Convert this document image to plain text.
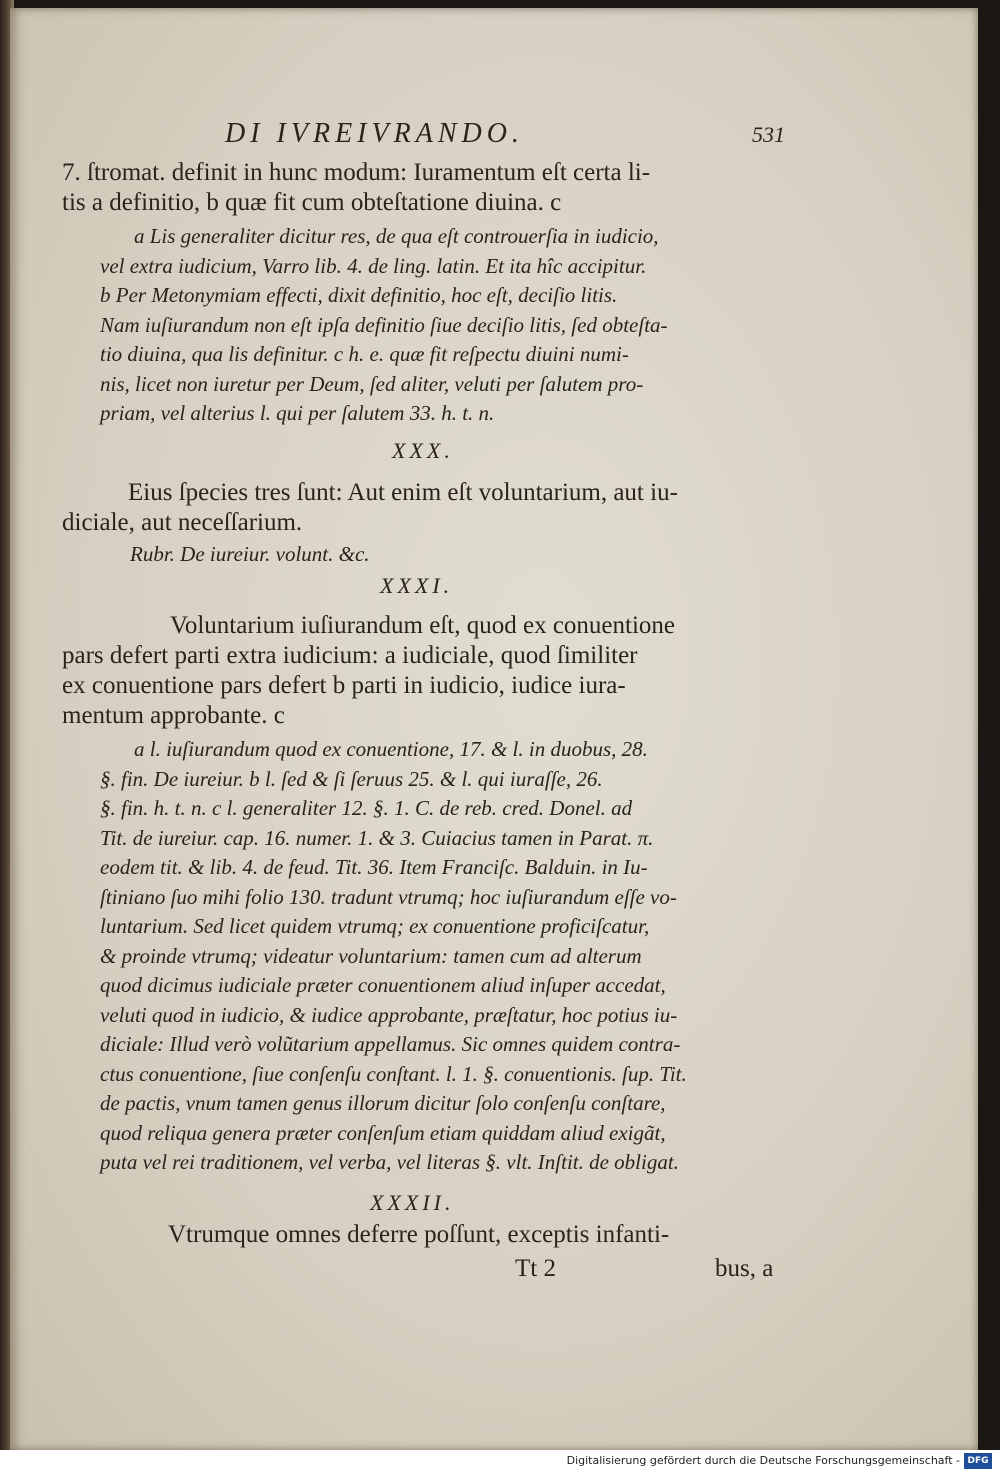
DI IVREIVRANDO.	531
7. ſtromat. definit in hunc modum: Iuramentum eſt certa li-
tis a definitio, b quæ fit cum obteſtatione diuina. c
a Lis generaliter dicitur res, de qua eſt controuerſia in iudicio,
vel extra iudicium, Varro lib. 4. de ling. latin. Et ita hîc accipitur.
b Per Metonymiam effecti, dixit definitio, hoc eſt, deciſio litis.
Nam iuſiurandum non eſt ipſa definitio ſiue deciſio litis, ſed obteſta-
tio diuina, qua lis definitur. c h. e. quæ fit reſpectu diuini numi-
nis, licet non iuretur per Deum, ſed aliter, veluti per ſalutem pro-
priam, vel alterius l. qui per ſalutem 33. h. t. n.
XXX.
Eius ſpecies tres ſunt: Aut enim eſt voluntarium, aut iu-
diciale, aut neceſſarium.
Rubr. De iureiur. volunt. &c.
XXXI.
Voluntarium iuſiurandum eſt, quod ex conuentione
pars defert parti extra iudicium: a iudiciale, quod ſimiliter
ex conuentione pars defert b parti in iudicio, iudice iura-
mentum approbante. c
a l. iuſiurandum quod ex conuentione, 17. & l. in duobus, 28.
§. fin. De iureiur. b l. ſed & ſi ſeruus 25. & l. qui iuraſſe, 26.
§. fin. h. t. n. c l. generaliter 12. §. 1. C. de reb. cred. Donel. ad
Tit. de iureiur. cap. 16. numer. 1. & 3. Cuiacius tamen in Parat. π.
eodem tit. & lib. 4. de feud. Tit. 36. Item Franciſc. Balduin. in Iu-
ſtiniano ſuo mihi folio 130. tradunt vtrumq; hoc iuſiurandum eſſe vo-
luntarium. Sed licet quidem vtrumq; ex conuentione proficiſcatur,
& proinde vtrumq; videatur voluntarium: tamen cum ad alterum
quod dicimus iudiciale præter conuentionem aliud inſuper accedat,
veluti quod in iudicio, & iudice approbante, præſtatur, hoc potius iu-
diciale: Illud verò volũtarium appellamus. Sic omnes quidem contra-
ctus conuentione, ſiue conſenſu conſtant. l. 1. §. conuentionis. ſup. Tit.
de pactis, vnum tamen genus illorum dicitur ſolo conſenſu conſtare,
quod reliqua genera præter conſenſum etiam quiddam aliud exigãt,
puta vel rei traditionem, vel verba, vel literas §. vlt. Inſtit. de obligat.
XXXII.
Vtrumque omnes deferre poſſunt, exceptis infanti-
Tt 2	bus, a
Digitalisierung gefördert durch die Deutsche Forschungsgemeinschaft - DFG
